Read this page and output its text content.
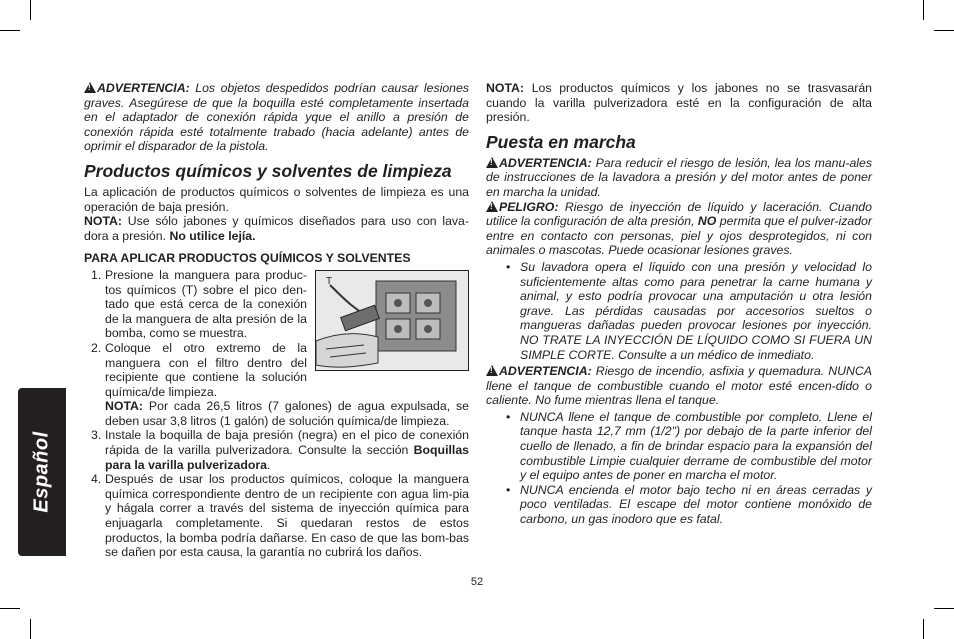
Español

!ADVERTENCIA: Los objetos despedidos podrían causar lesiones graves. Asegúrese de que la boquilla esté completamente insertada en el adaptador de conexión rápida yque el anillo a presión de conexión rápida esté totalmente trabado (hacia adelante) antes de oprimir el disparador de la pistola.

Productos químicos y solventes de limpieza

La aplicación de productos químicos o solventes de limpieza es una operación de baja presión.

NOTA: Use sólo jabones y químicos diseñados para uso con lava-dora a presión. No utilice lejía.

PARA APLICAR PRODUCTOS QUÍMICOS Y SOLVENTES
1.	T
Presione la manguera para produc-tos químicos (T) sobre el pico den-tado que está cerca de la conexión de la manguera de alta presión de la bomba, como se muestra.
2. Coloque el otro extremo de la manguera con el filtro dentro del recipiente que contiene la solución química/de limpieza.
NOTA: Por cada 26,5 litros (7 galones) de agua expulsada, se deben usar 3,8 litros (1 galón) de solución química/de limpieza.
3. Instale la boquilla de baja presión (negra) en el pico de conexión rápida de la varilla pulverizadora. Consulte la sección Boquillas para la varilla pulverizadora.
4. Después de usar los productos químicos, coloque la manguera química correspondiente dentro de un recipiente con agua lim-pia y hágala correr a través del sistema de inyección química para enjuagarla completamente. Si quedaran restos de estos productos, la bomba podría dañarse. En caso de que las bom-bas se dañen por esta causa, la garantía no cubrirá los daños.

NOTA: Los productos químicos y los jabones no se trasvasarán cuando la varilla pulverizadora esté en la configuración de alta presión.

Puesta en marcha

!ADVERTENCIA: Para reducir el riesgo de lesión, lea los manu-ales de instrucciones de la lavadora a presión y del motor antes de poner en marcha la unidad.

!PELIGRO: Riesgo de inyección de líquido y laceración. Cuando utilice la configuración de alta presión, NO permita que el pulver-izador entre en contacto con personas, piel y ojos desprotegidos, ni con animales o mascotas. Puede ocasionar lesiones graves.

• Su lavadora opera el líquido con una presión y velocidad lo suficientemente altas como para penetrar la carne humana y animal, y esto podría provocar una amputación u otra lesión grave. Las pérdidas causadas por accesorios sueltos o mangueras dañadas pueden provocar lesiones por inyección. NO TRATE LA INYECCIÓN DE LÍQUIDO COMO SI FUERA UN SIMPLE CORTE. Consulte a un médico de inmediato.

!ADVERTENCIA: Riesgo de incendio, asfixia y quemadura. NUNCA llene el tanque de combustible cuando el motor esté encen-dido o caliente. No fume mientras llena el tanque.

• NUNCA llene el tanque de combustible por completo. Llene el tanque hasta 12,7 mm (1/2") por debajo de la parte inferior del cuello de llenado, a fin de brindar espacio para la expansión del combustible Limpie cualquier derrame de combustible del motor y el equipo antes de poner en marcha el motor.
• NUNCA encienda el motor bajo techo ni en áreas cerradas y poco ventiladas. El escape del motor contiene monóxido de carbono, un gas inodoro que es fatal.
52
